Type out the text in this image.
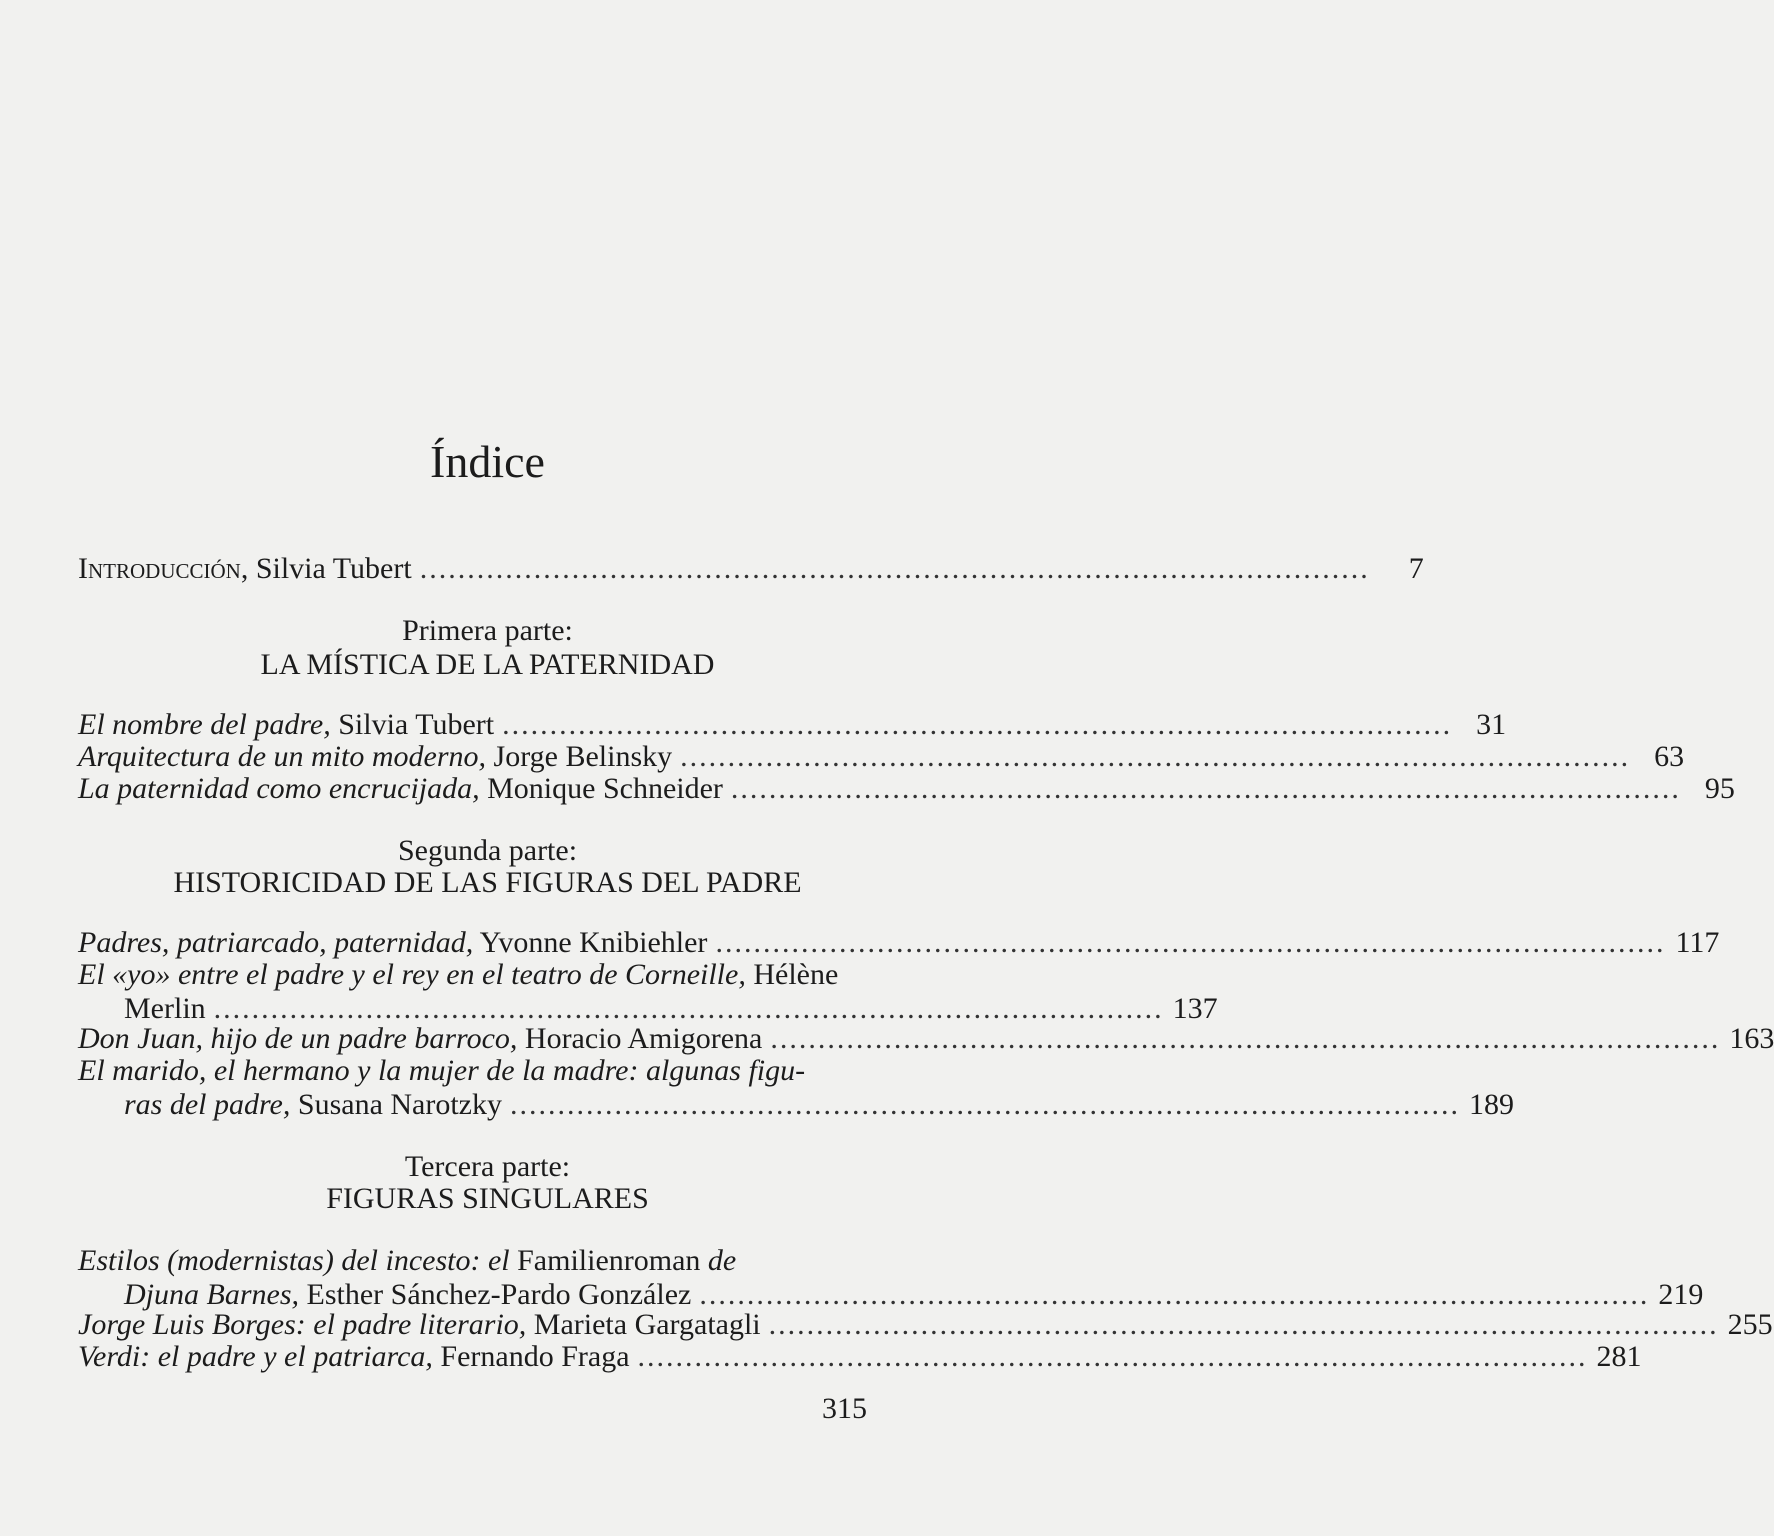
Índice
Introducción, Silvia Tubert ....................................................................................................	7
Primera parte:
LA MÍSTICA DE LA PATERNIDAD
El nombre del padre, Silvia Tubert .................................................................................................... 31
Arquitectura de un mito moderno, Jorge Belinsky .................................................................................................... 63
La paternidad como encrucijada, Monique Schneider .................................................................................................... 95
Segunda parte:
HISTORICIDAD DE LAS FIGURAS DEL PADRE
Padres, patriarcado, paternidad, Yvonne Knibiehler .................................................................................................... 117
El «yo» entre el padre y el rey en el teatro de Corneille, Hélène
Merlin .................................................................................................... 137
Don Juan, hijo de un padre barroco, Horacio Amigorena .................................................................................................... 163
El marido, el hermano y la mujer de la madre: algunas figu-
ras del padre, Susana Narotzky .................................................................................................... 189
Tercera parte:
FIGURAS SINGULARES
Estilos (modernistas) del incesto: el Familienroman de
Djuna Barnes, Esther Sánchez-Pardo González .................................................................................................... 219
Jorge Luis Borges: el padre literario, Marieta Gargatagli .................................................................................................... 255
Verdi: el padre y el patriarca, Fernando Fraga .................................................................................................... 281
315
